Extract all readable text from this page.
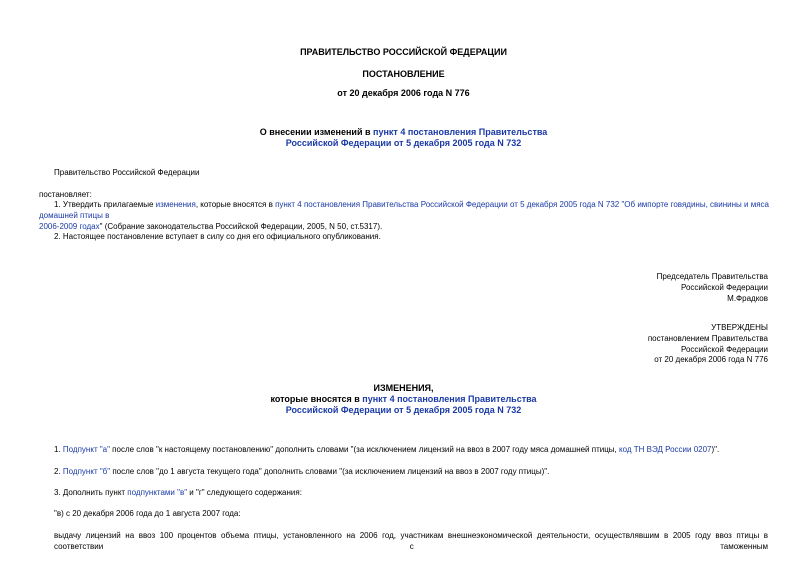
ПРАВИТЕЛЬСТВО РОССИЙСКОЙ ФЕДЕРАЦИИ
ПОСТАНОВЛЕНИЕ
от 20 декабря 2006 года N 776
О внесении изменений в пункт 4 постановления Правительства
Российской Федерации от 5 декабря 2005 года N 732
Правительство Российской Федерации
постановляет:
1. Утвердить прилагаемые изменения, которые вносятся в пункт 4 постановления Правительства Российской Федерации от 5 декабря 2005 года N 732 "Об импорте говядины, свинины и мяса домашней птицы в
2006-2009 годах" (Собрание законодательства Российской Федерации, 2005, N 50, ст.5317).
2. Настоящее постановление вступает в силу со дня его официального опубликования.
Председатель Правительства
Российской Федерации
М.Фрадков
УТВЕРЖДЕНЫ
постановлением Правительства
Российской Федерации
от 20 декабря 2006 года N 776
ИЗМЕНЕНИЯ,
которые вносятся в пункт 4 постановления Правительства
Российской Федерации от 5 декабря 2005 года N 732
1. Подпункт "а" после слов "к настоящему постановлению" дополнить словами "(за исключением лицензий на ввоз в 2007 году мяса домашней птицы, код ТН ВЭД России 0207)".
2. Подпункт "б" после слов "до 1 августа текущего года" дополнить словами "(за исключением лицензий на ввоз в 2007 году птицы)".
3. Дополнить пункт подпунктами "в" и "г" следующего содержания:
"в) с 20 декабря 2006 года до 1 августа 2007 года:
выдачу лицензий на ввоз 100 процентов объема птицы, установленного на 2006 год, участникам внешнеэкономической деятельности, осуществлявшим в 2005 году ввоз птицы в соответствии с таможенным
